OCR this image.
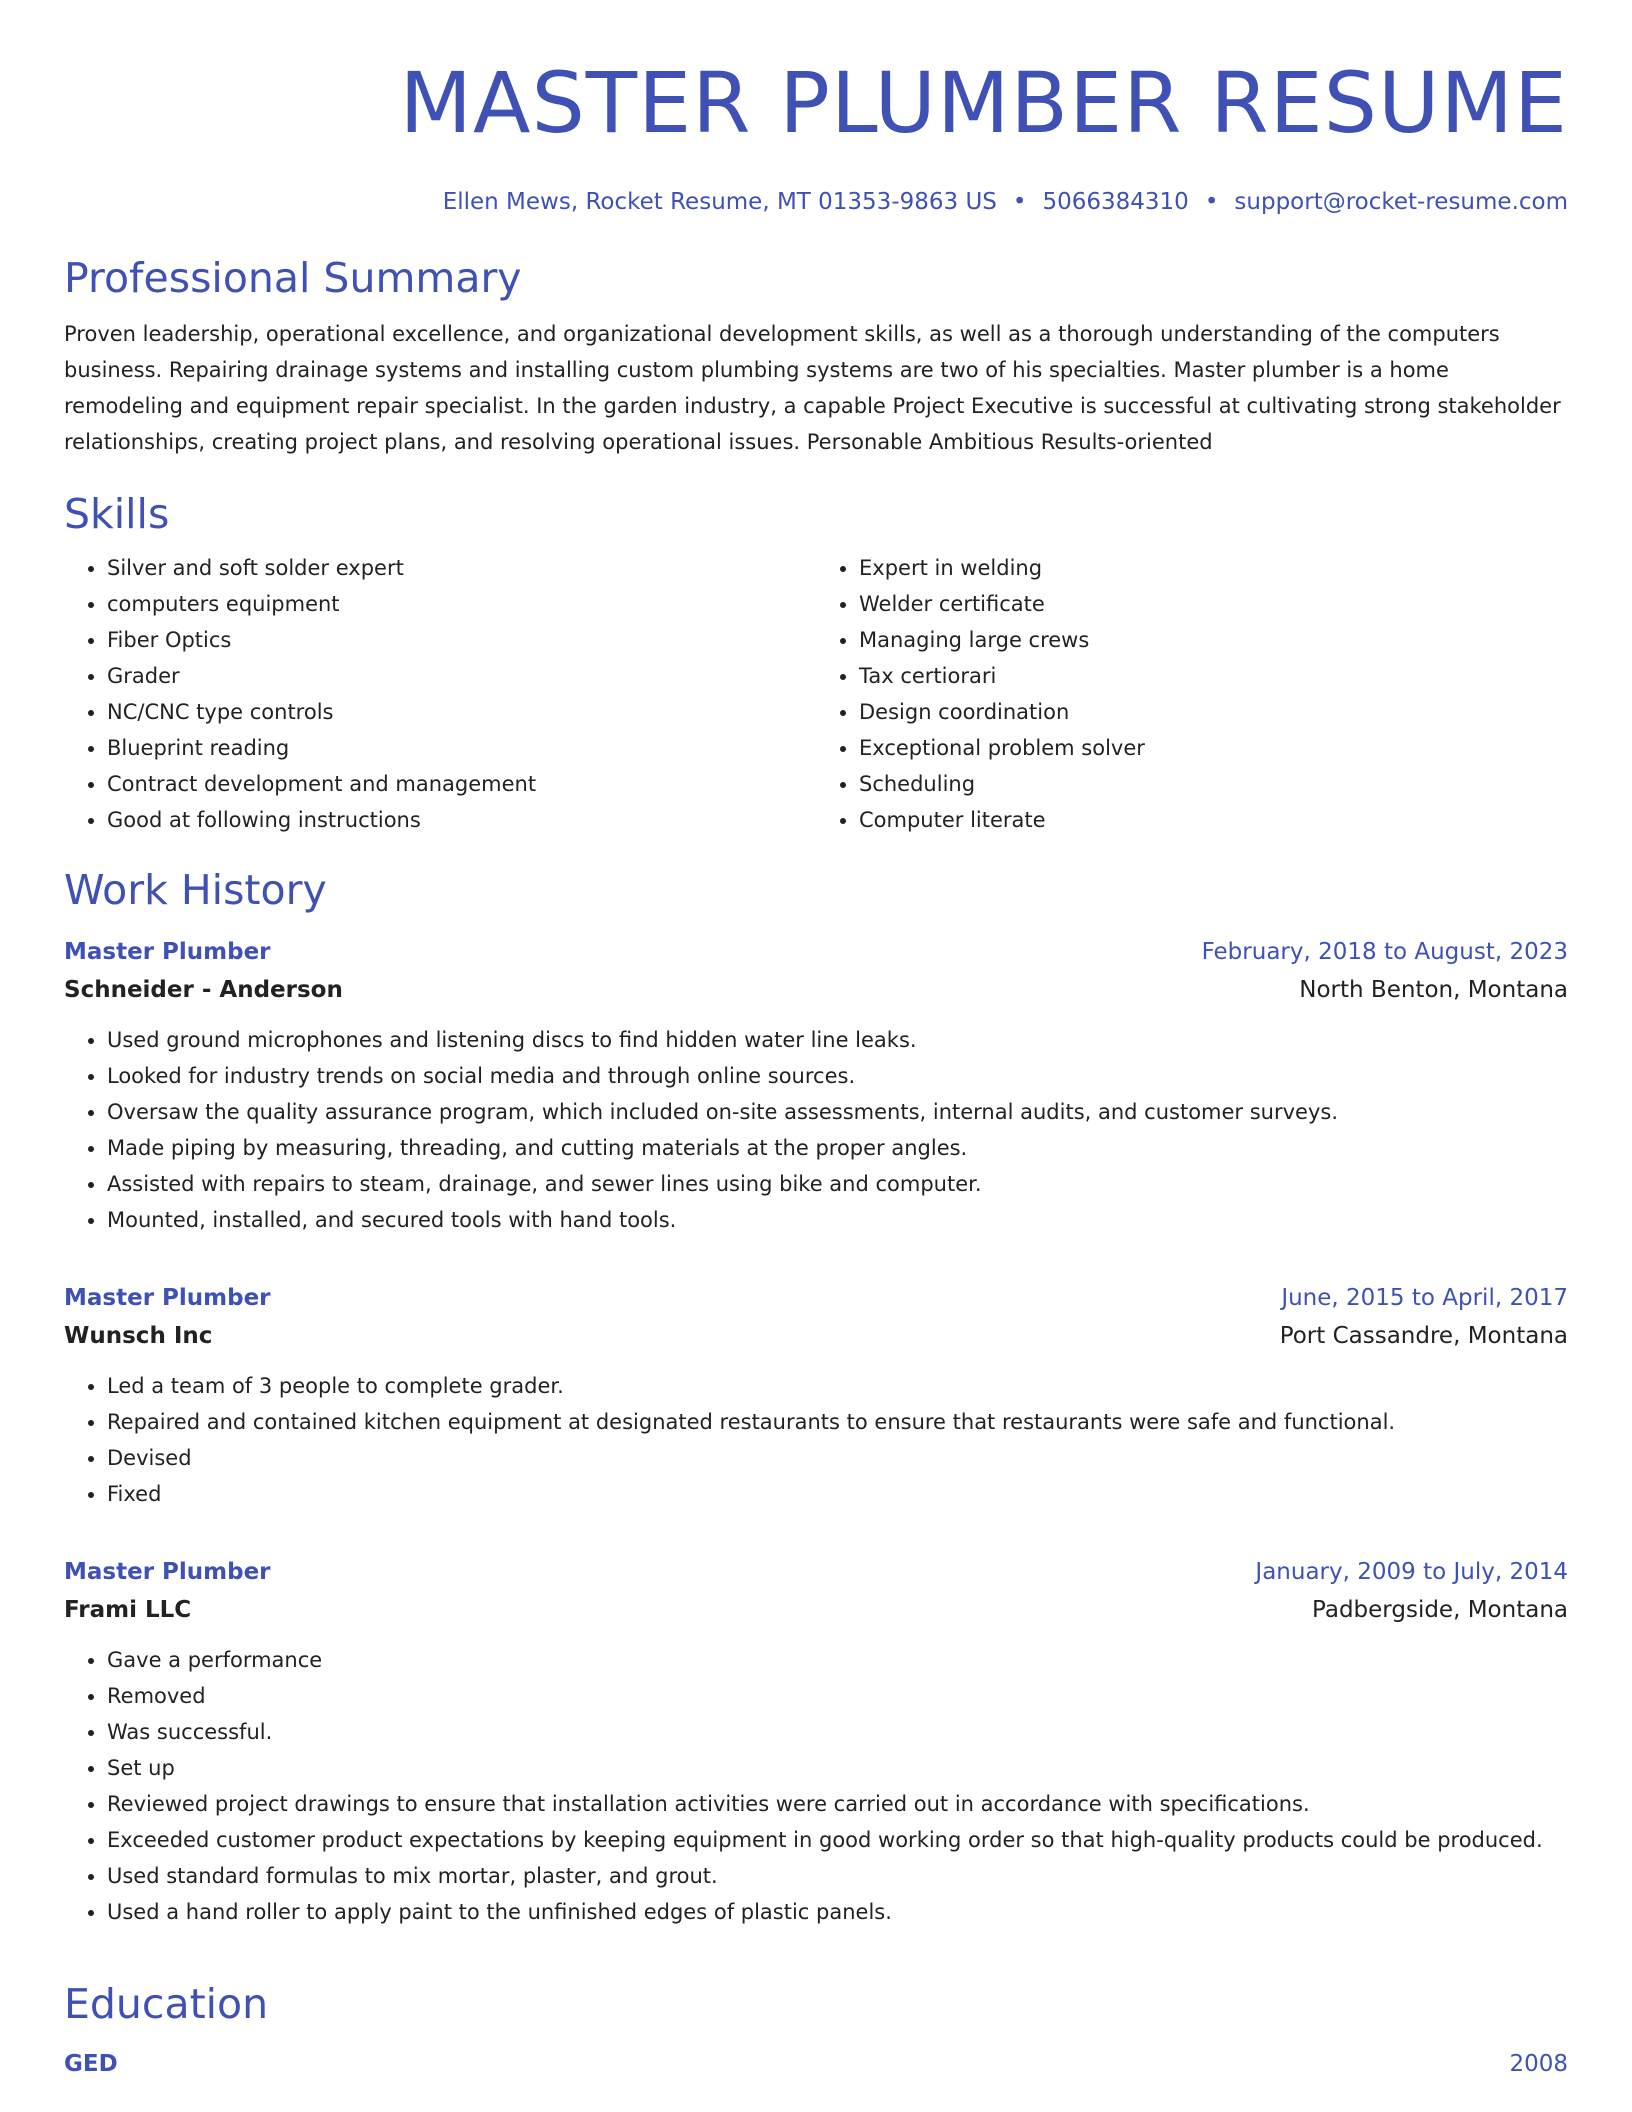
MASTER PLUMBER RESUME
Ellen Mews, Rocket Resume, MT 01353-9863 US • 5066384310 • support@rocket-resume.com
Professional Summary

Proven leadership, operational excellence, and organizational development skills, as well as a thorough understanding of the computers business. Repairing drainage systems and installing custom plumbing systems are two of his specialties. Master plumber is a home remodeling and equipment repair specialist. In the garden industry, a capable Project Executive is successful at cultivating strong stakeholder relationships, creating project plans, and resolving operational issues. Personable Ambitious Results-oriented

Skills
• Silver and soft solder expert
• computers equipment
• Fiber Optics
• Grader
• NC/CNC type controls
• Blueprint reading
• Contract development and management
• Good at following instructions
• Expert in welding
• Welder certificate
• Managing large crews
• Tax certiorari
• Design coordination
• Exceptional problem solver
• Scheduling
• Computer literate
Work History
Master Plumber	February, 2018 to August, 2023
Schneider - Anderson	North Benton, Montana
• Used ground microphones and listening discs to find hidden water line leaks.
• Looked for industry trends on social media and through online sources.
• Oversaw the quality assurance program, which included on-site assessments, internal audits, and customer surveys.
• Made piping by measuring, threading, and cutting materials at the proper angles.
• Assisted with repairs to steam, drainage, and sewer lines using bike and computer.
• Mounted, installed, and secured tools with hand tools.
Master Plumber	June, 2015 to April, 2017
Wunsch Inc	Port Cassandre, Montana
• Led a team of 3 people to complete grader.
• Repaired and contained kitchen equipment at designated restaurants to ensure that restaurants were safe and functional.
• Devised
• Fixed
Master Plumber	January, 2009 to July, 2014
Frami LLC	Padbergside, Montana
• Gave a performance
• Removed
• Was successful.
• Set up
• Reviewed project drawings to ensure that installation activities were carried out in accordance with specifications.
• Exceeded customer product expectations by keeping equipment in good working order so that high-quality products could be produced.
• Used standard formulas to mix mortar, plaster, and grout.
• Used a hand roller to apply paint to the unfinished edges of plastic panels.
Education
GED	2008
